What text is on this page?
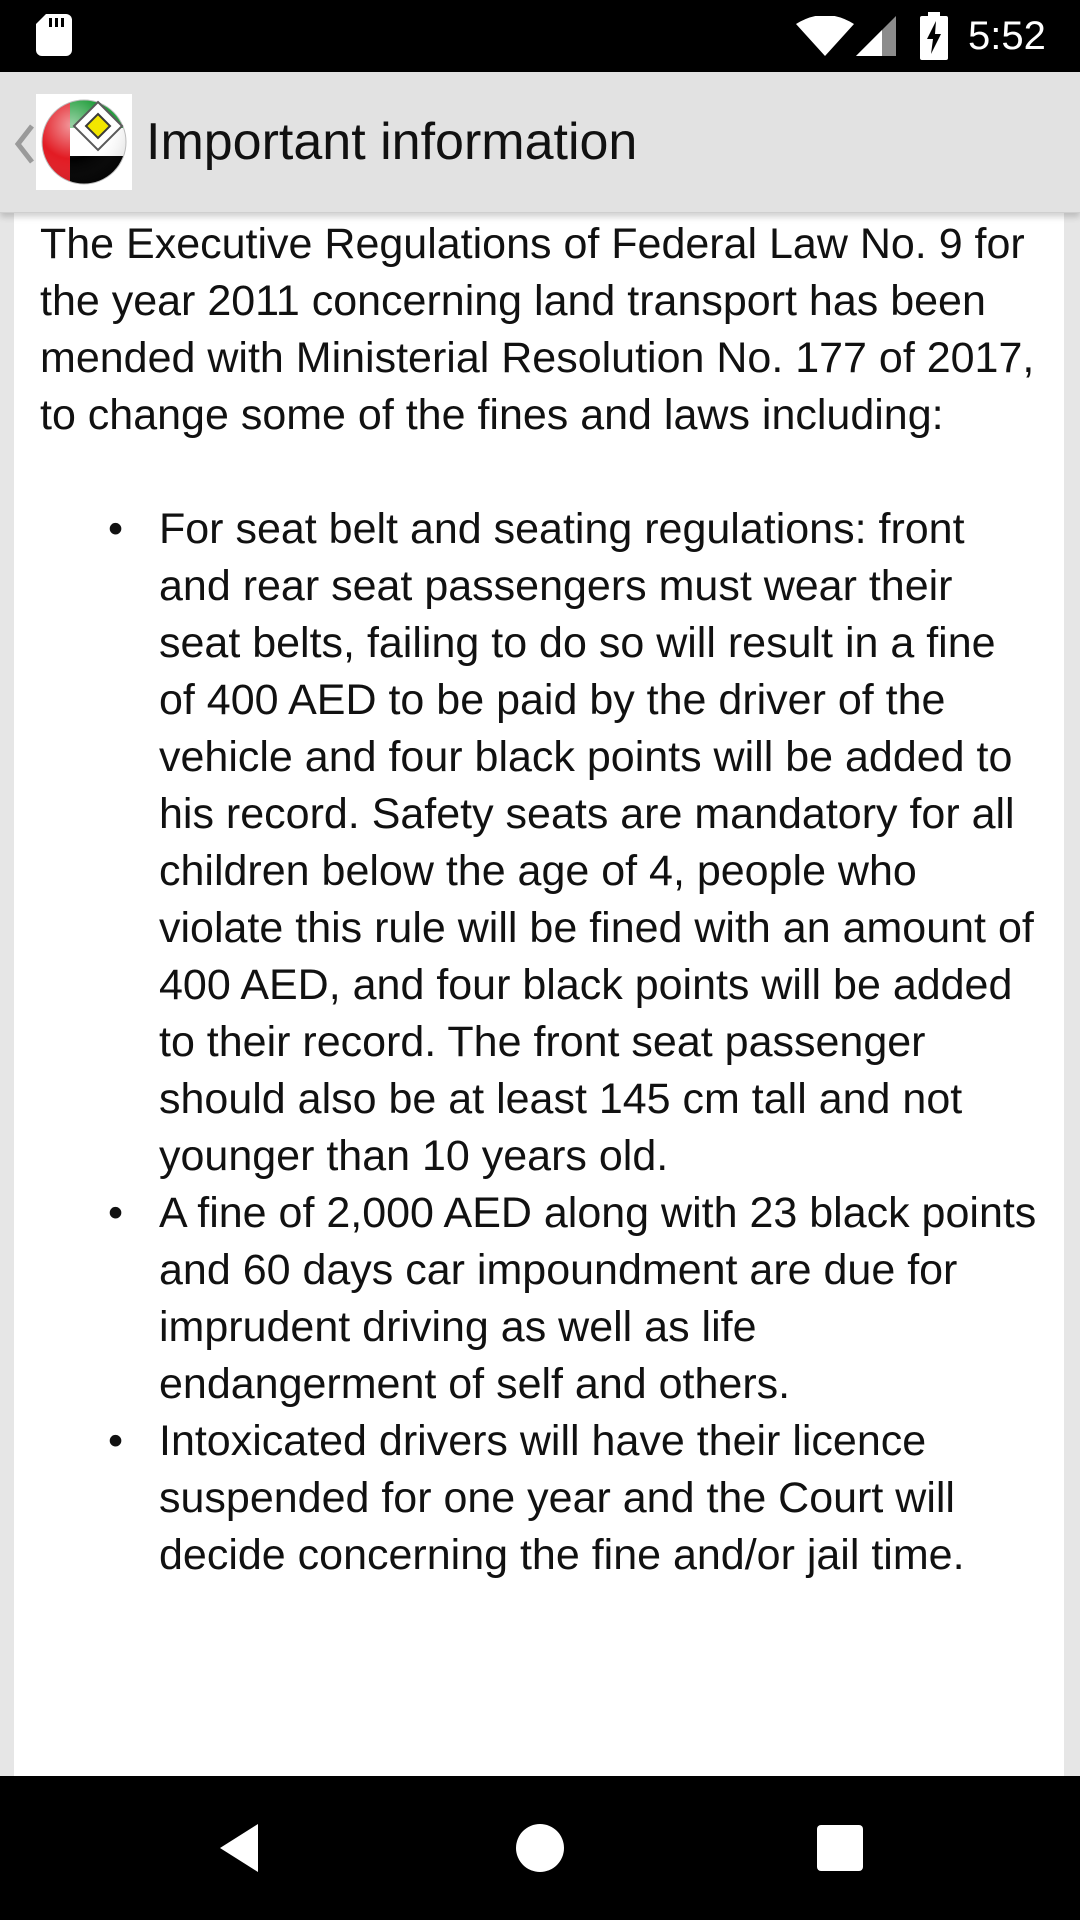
5:52
Important information

The Executive Regulations of Federal Law No. 9 for the year 2011 concerning land transport has been mended with Ministerial Resolution No. 177 of 2017, to change some of the fines and laws including:

• For seat belt and seating regulations: front and rear seat passengers must wear their seat belts, failing to do so will result in a fine of 400 AED to be paid by the driver of the vehicle and four black points will be added to his record. Safety seats are mandatory for all children below the age of 4, people who violate this rule will be fined with an amount of 400 AED, and four black points will be added to their record. The front seat passenger should also be at least 145 cm tall and not younger than 10 years old.
• A fine of 2,000 AED along with 23 black points and 60 days car impoundment are due for imprudent driving as well as life endangerment of self and others.
• Intoxicated drivers will have their licence suspended for one year and the Court will decide concerning the fine and/or jail time.
